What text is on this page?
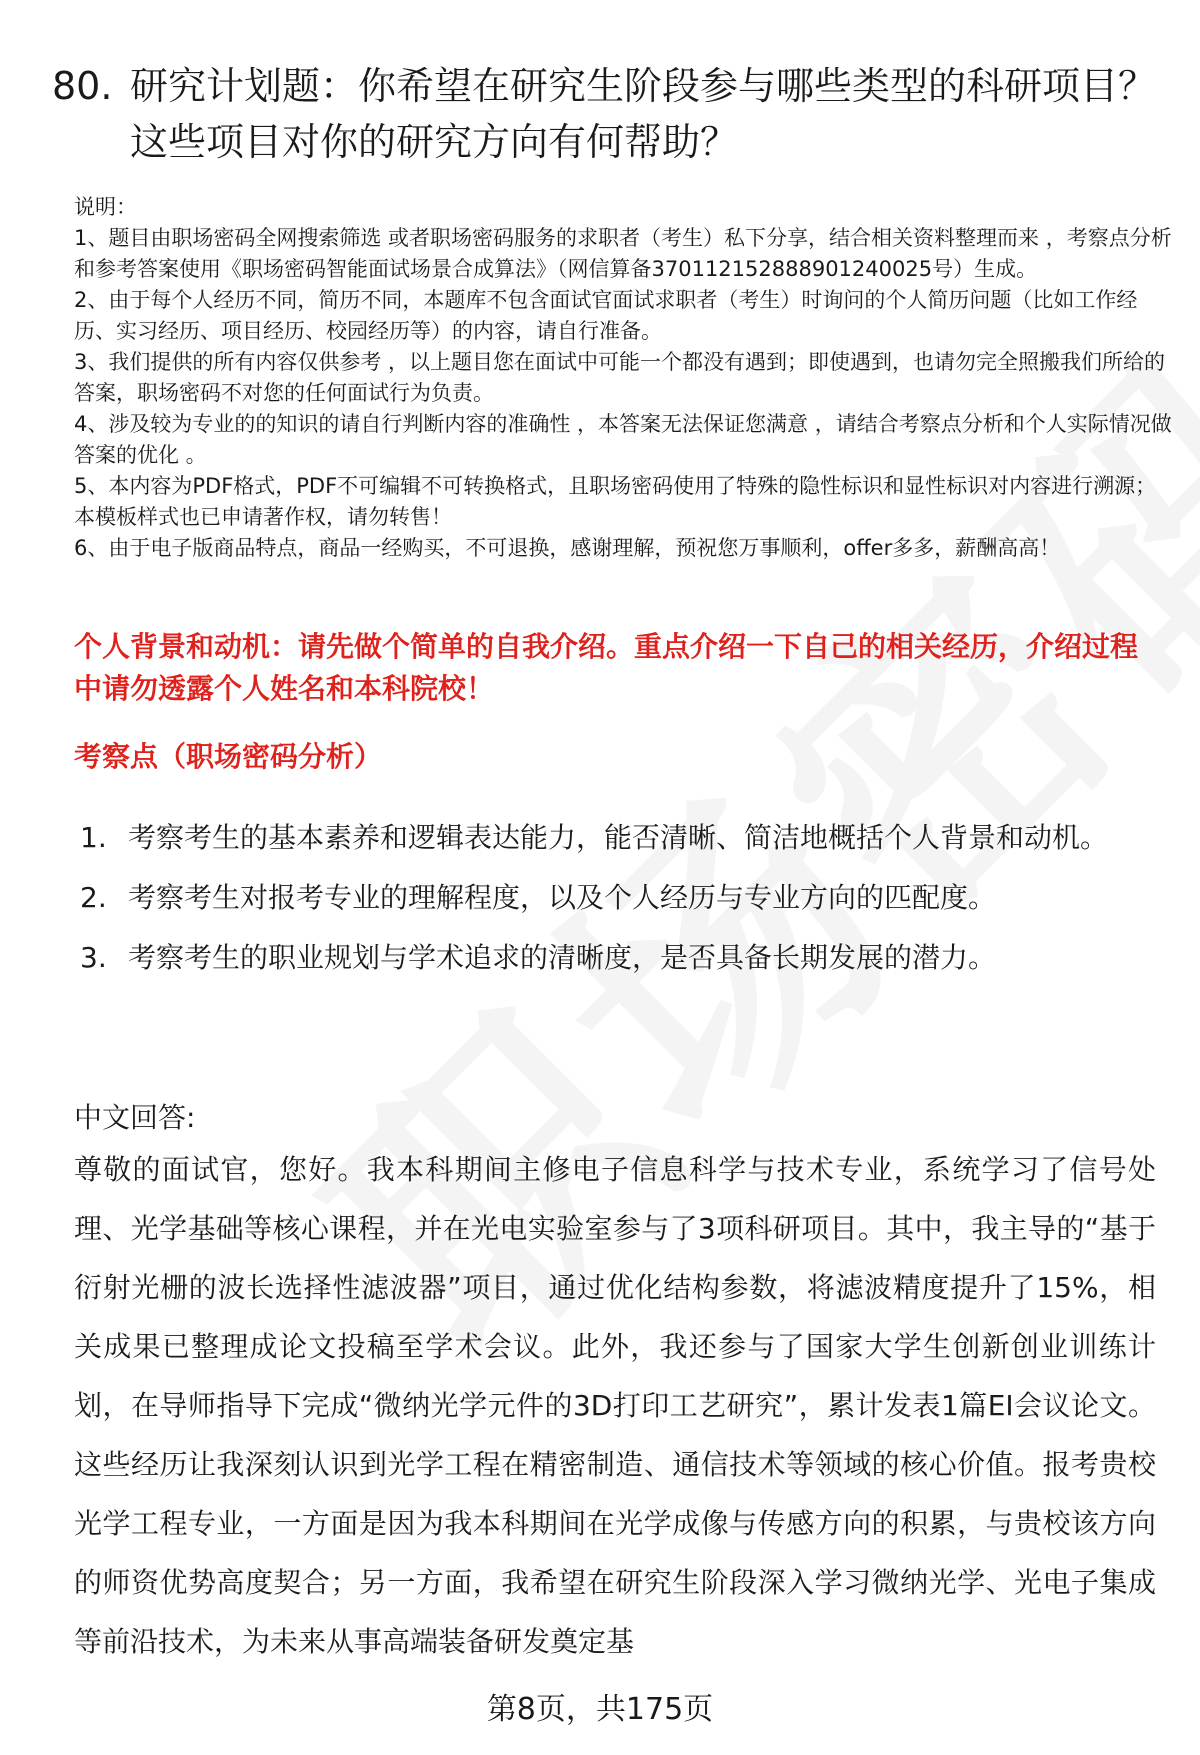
80. 研究计划题：你希望在研究生阶段参与哪些类型的科研项目？这些项目对你的研究方向有何帮助？
说明：
1、题目由职场密码全网搜索筛选 或者职场密码服务的求职者（考生）私下分享，结合相关资料整理而来 ，考察点分析和参考答案使用《职场密码智能面试场景合成算法》（网信算备370112152888901240025号）生成。
2、由于每个人经历不同，简历不同，本题库不包含面试官面试求职者（考生）时询问的个人简历问题（比如工作经历、实习经历、项目经历、校园经历等）的内容，请自行准备。
3、我们提供的所有内容仅供参考 ，以上题目您在面试中可能一个都没有遇到；即使遇到，也请勿完全照搬我们所给的答案，职场密码不对您的任何面试行为负责。
4、涉及较为专业的的知识的请自行判断内容的准确性 ，本答案无法保证您满意 ，请结合考察点分析和个人实际情况做答案的优化 。
5、本内容为PDF格式，PDF不可编辑不可转换格式，且职场密码使用了特殊的隐性标识和显性标识对内容进行溯源；本模板样式也已申请著作权，请勿转售！
6、由于电子版商品特点，商品一经购买，不可退换，感谢理解，预祝您万事顺利，offer多多，薪酬高高！
个人背景和动机：请先做个简单的自我介绍。重点介绍一下自己的相关经历，介绍过程中请勿透露个人姓名和本科院校！
考察点（职场密码分析）
1. 考察考生的基本素养和逻辑表达能力，能否清晰、简洁地概括个人背景和动机。
2. 考察考生对报考专业的理解程度，以及个人经历与专业方向的匹配度。
3. 考察考生的职业规划与学术追求的清晰度，是否具备长期发展的潜力。
中文回答:
尊敬的面试官，您好。我本科期间主修电子信息科学与技术专业，系统学习了信号处理、光学基础等核心课程，并在光电实验室参与了3项科研项目。其中，我主导的“基于衍射光栅的波长选择性滤波器”项目，通过优化结构参数，将滤波精度提升了15%，相关成果已整理成论文投稿至学术会议。此外，我还参与了国家大学生创新创业训练计划，在导师指导下完成“微纳光学元件的3D打印工艺研究”，累计发表1篇EI会议论文。这些经历让我深刻认识到光学工程在精密制造、通信技术等领域的核心价值。报考贵校光学工程专业，一方面是因为我本科期间在光学成像与传感方向的积累，与贵校该方向的师资优势高度契合；另一方面，我希望在研究生阶段深入学习微纳光学、光电子集成等前沿技术，为未来从事高端装备研发奠定基
第8页，共175页
